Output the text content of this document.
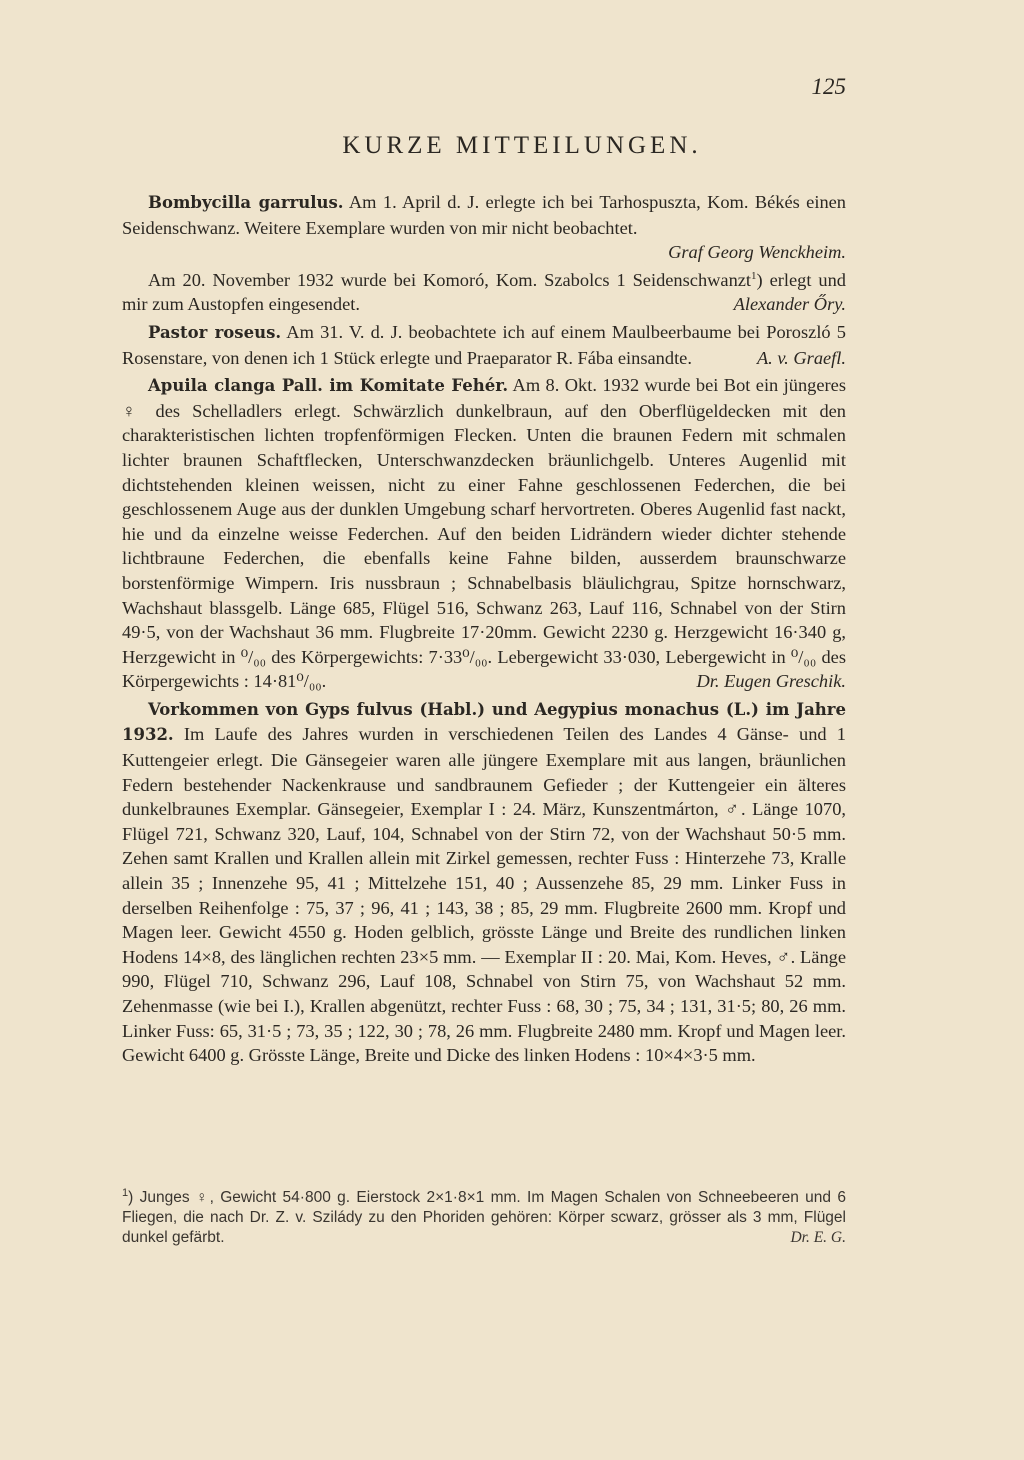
125
KURZE MITTEILUNGEN.

Bombycilla garrulus. Am 1. April d. J. erlegte ich bei Tarhospuszta, Kom. Békés einen Seidenschwanz. Weitere Exemplare wurden von mir nicht beobachtet.
Graf Georg Wenckheim.

Am 20. November 1932 wurde bei Komoró, Kom. Szabolcs 1 Seidenschwanzt$^1$) erlegt und mir zum Austopfen eingesendet.	Alexander Őry.

Pastor roseus. Am 31. V. d. J. beobachtete ich auf einem Maulbeerbaume bei Poroszló 5 Rosenstare, von denen ich 1 Stück erlegte und Praeparator R. Fába einsandte.	A. v. Graefl.

Apuila clanga Pall. im Komitate Fehér. Am 8. Okt. 1932 wurde bei Bot ein jüngeres ♀ des Schelladlers erlegt. Schwärzlich dunkelbraun, auf den Oberflügeldecken mit den charakteristischen lichten tropfenförmigen Flecken. Unten die braunen Federn mit schmalen lichter braunen Schaftflecken, Unterschwanzdecken bräunlichgelb. Unteres Augenlid mit dichtstehenden kleinen weissen, nicht zu einer Fahne geschlossenen Federchen, die bei geschlossenem Auge aus der dunklen Umgebung scharf hervortreten. Oberes Augenlid fast nackt, hie und da einzelne weisse Federchen. Auf den beiden Lidrändern wieder dichter stehende lichtbraune Federchen, die ebenfalls keine Fahne bilden, ausserdem braunschwarze borstenförmige Wimpern. Iris nussbraun ; Schnabelbasis bläulichgrau, Spitze hornschwarz, Wachshaut blassgelb. Länge 685, Flügel 516, Schwanz 263, Lauf 116, Schnabel von der Stirn 49·5, von der Wachshaut 36 mm. Flugbreite 17·20mm. Gewicht 2230 g. Herzgewicht 16·340 g, Herzgewicht in ⁰/₀₀ des Körpergewichts: 7·33⁰/₀₀. Lebergewicht 33·030, Lebergewicht in ⁰/₀₀ des Körpergewichts : 14·81⁰/₀₀.	Dr. Eugen Greschik.

Vorkommen von Gyps fulvus (Habl.) und Aegypius monachus (L.) im Jahre 1932. Im Laufe des Jahres wurden in verschiedenen Teilen des Landes 4 Gänse- und 1 Kuttengeier erlegt. Die Gänsegeier waren alle jüngere Exemplare mit aus langen, bräunlichen Federn bestehender Nackenkrause und sandbraunem Gefieder ; der Kuttengeier ein älteres dunkelbraunes Exemplar. Gänsegeier, Exemplar I : 24. März, Kunszentmárton, ♂. Länge 1070, Flügel 721, Schwanz 320, Lauf, 104, Schnabel von der Stirn 72, von der Wachshaut 50·5 mm. Zehen samt Krallen und Krallen allein mit Zirkel gemessen, rechter Fuss : Hinterzehe 73, Kralle allein 35 ; Innenzehe 95, 41 ; Mittelzehe 151, 40 ; Aussenzehe 85, 29 mm. Linker Fuss in derselben Reihenfolge : 75, 37 ; 96, 41 ; 143, 38 ; 85, 29 mm. Flugbreite 2600 mm. Kropf und Magen leer. Gewicht 4550 g. Hoden gelblich, grösste Länge und Breite des rundlichen linken Hodens 14×8, des länglichen rechten 23×5 mm. — Exemplar II : 20. Mai, Kom. Heves, ♂. Länge 990, Flügel 710, Schwanz 296, Lauf 108, Schnabel von Stirn 75, von Wachshaut 52 mm. Zehenmasse (wie bei I.), Krallen abgenützt, rechter Fuss : 68, 30 ; 75, 34 ; 131, 31·5; 80, 26 mm. Linker Fuss: 65, 31·5 ; 73, 35 ; 122, 30 ; 78, 26 mm. Flugbreite 2480 mm. Kropf und Magen leer. Gewicht 6400 g. Grösste Länge, Breite und Dicke des linken Hodens : 10×4×3·5 mm.

$^1$) Junges ♀, Gewicht 54·800 g. Eierstock 2×1·8×1 mm. Im Magen Schalen von Schneebeeren und 6 Fliegen, die nach Dr. Z. v. Szilády zu den Phoriden gehören: Körper scwarz, grösser als 3 mm, Flügel dunkel gefärbt.	Dr. E. G.
